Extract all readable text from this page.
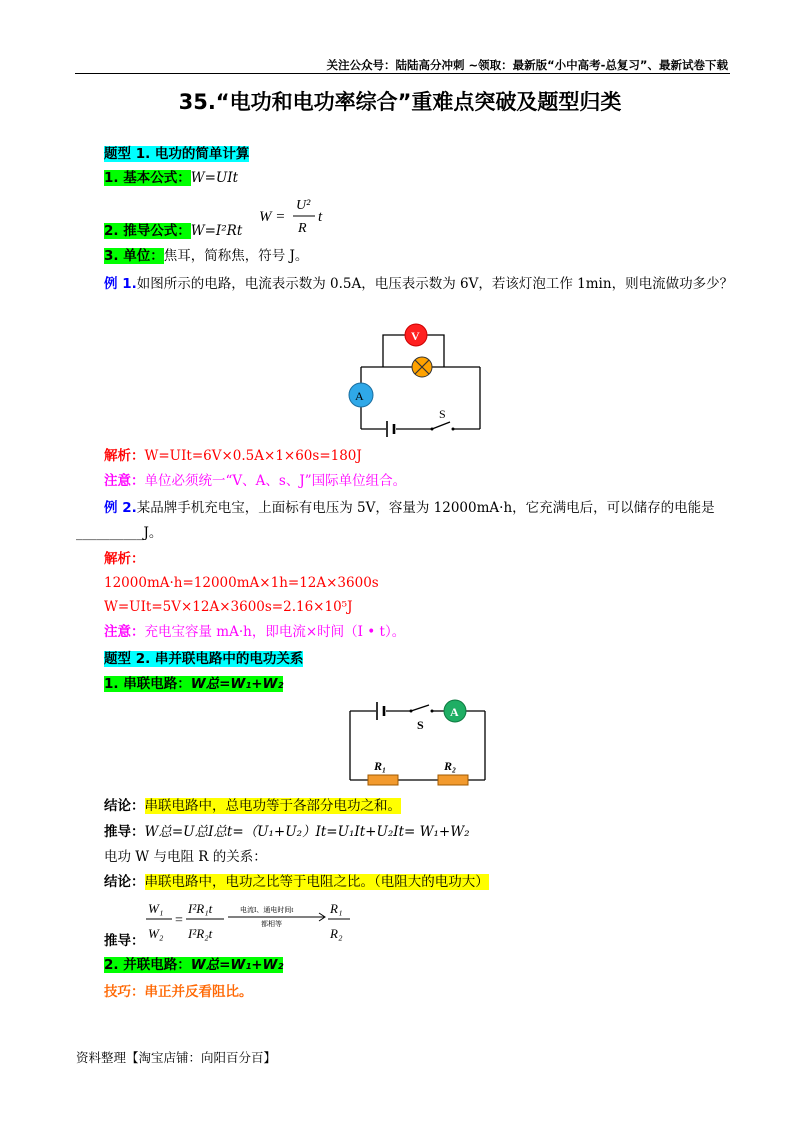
关注公众号：陆陆高分冲刺 ~领取：最新版“小中高考-总复习”、最新试卷下载
35.“电功和电功率综合”重难点突破及题型归类
题型 1. 电功的简单计算
1. 基本公式：W=UIt
W =
U²
R
t
2. 推导公式：W=I²Rt
3. 单位：焦耳，简称焦，符号 J。
例 1.如图所示的电路，电流表示数为 0.5A，电压表示数为 6V，若该灯泡工作 1min，则电流做功多少？
V
A
S
解析：W=UIt=6V×0.5A×1×60s=180J
注意：单位必须统一“V、A、s、J”国际单位组合。
例 2.某品牌手机充电宝，上面标有电压为 5V，容量为 12000mA·h，它充满电后，可以储存的电能是
__________J。
解析：
12000mA·h=12000mA×1h=12A×3600s
W=UIt=5V×12A×3600s=2.16×10⁵J
注意：充电宝容量 mA·h，即电流×时间（I • t）。
题型 2. 串并联电路中的电功关系
1. 串联电路：W总=W₁+W₂
S
A
R₁	R₂
结论：串联电路中，总电功等于各部分电功之和。
推导：W总=U总I总t=（U₁+U₂）It=U₁It+U₂It= W₁+W₂
电功 W 与电阻 R 的关系：
结论：串联电路中，电功之比等于电阻之比。（电阻大的电功大）
W₁
W₂
=
I²R₁t
I²R₂t
电流I、通电时间t
都相等
R₁
R₂
推导：
2. 并联电路：W总=W₁+W₂
技巧：串正并反看阻比。
资料整理【淘宝店铺：向阳百分百】
